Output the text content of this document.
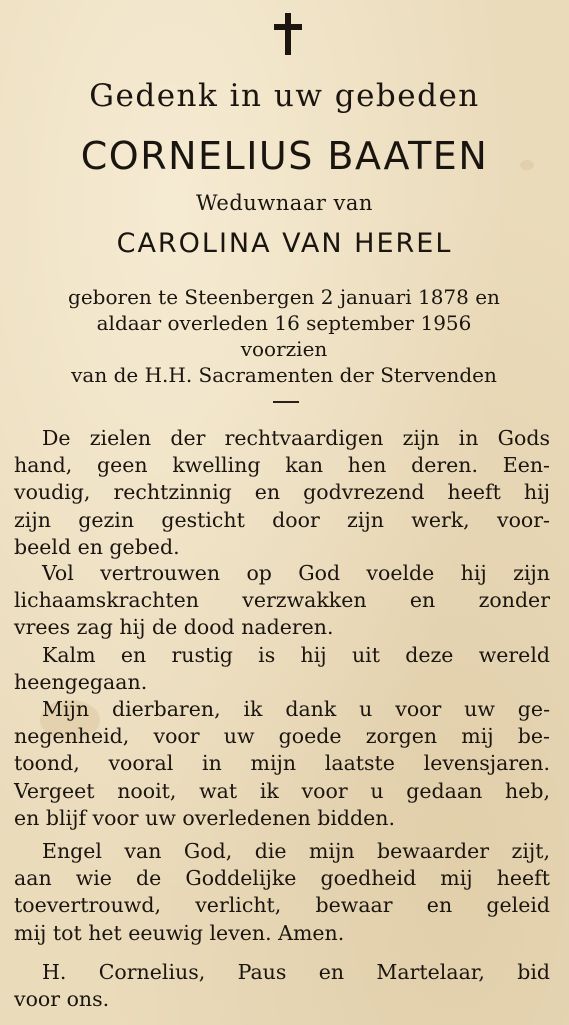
Gedenk in uw gebeden
CORNELIUS BAATEN
Weduwnaar van
CAROLINA VAN HEREL
geboren te Steenbergen 2 januari 1878 en
aldaar overleden 16 september 1956
voorzien
van de H.H. Sacramenten der Stervenden
De zielen der rechtvaardigen zijn in Gods
hand, geen kwelling kan hen deren. Een-
voudig, rechtzinnig en godvrezend heeft hij
zijn gezin gesticht door zijn werk, voor-
beeld en gebed.
Vol vertrouwen op God voelde hij zijn
lichaamskrachten verzwakken en zonder
vrees zag hij de dood naderen.
Kalm en rustig is hij uit deze wereld
heengegaan.
Mijn dierbaren, ik dank u voor uw ge-
negenheid, voor uw goede zorgen mij be-
toond, vooral in mijn laatste levensjaren.
Vergeet nooit, wat ik voor u gedaan heb,
en blijf voor uw overledenen bidden.
Engel van God, die mijn bewaarder zijt,
aan wie de Goddelijke goedheid mij heeft
toevertrouwd, verlicht, bewaar en geleid
mij tot het eeuwig leven. Amen.
H. Cornelius, Paus en Martelaar, bid
voor ons.
